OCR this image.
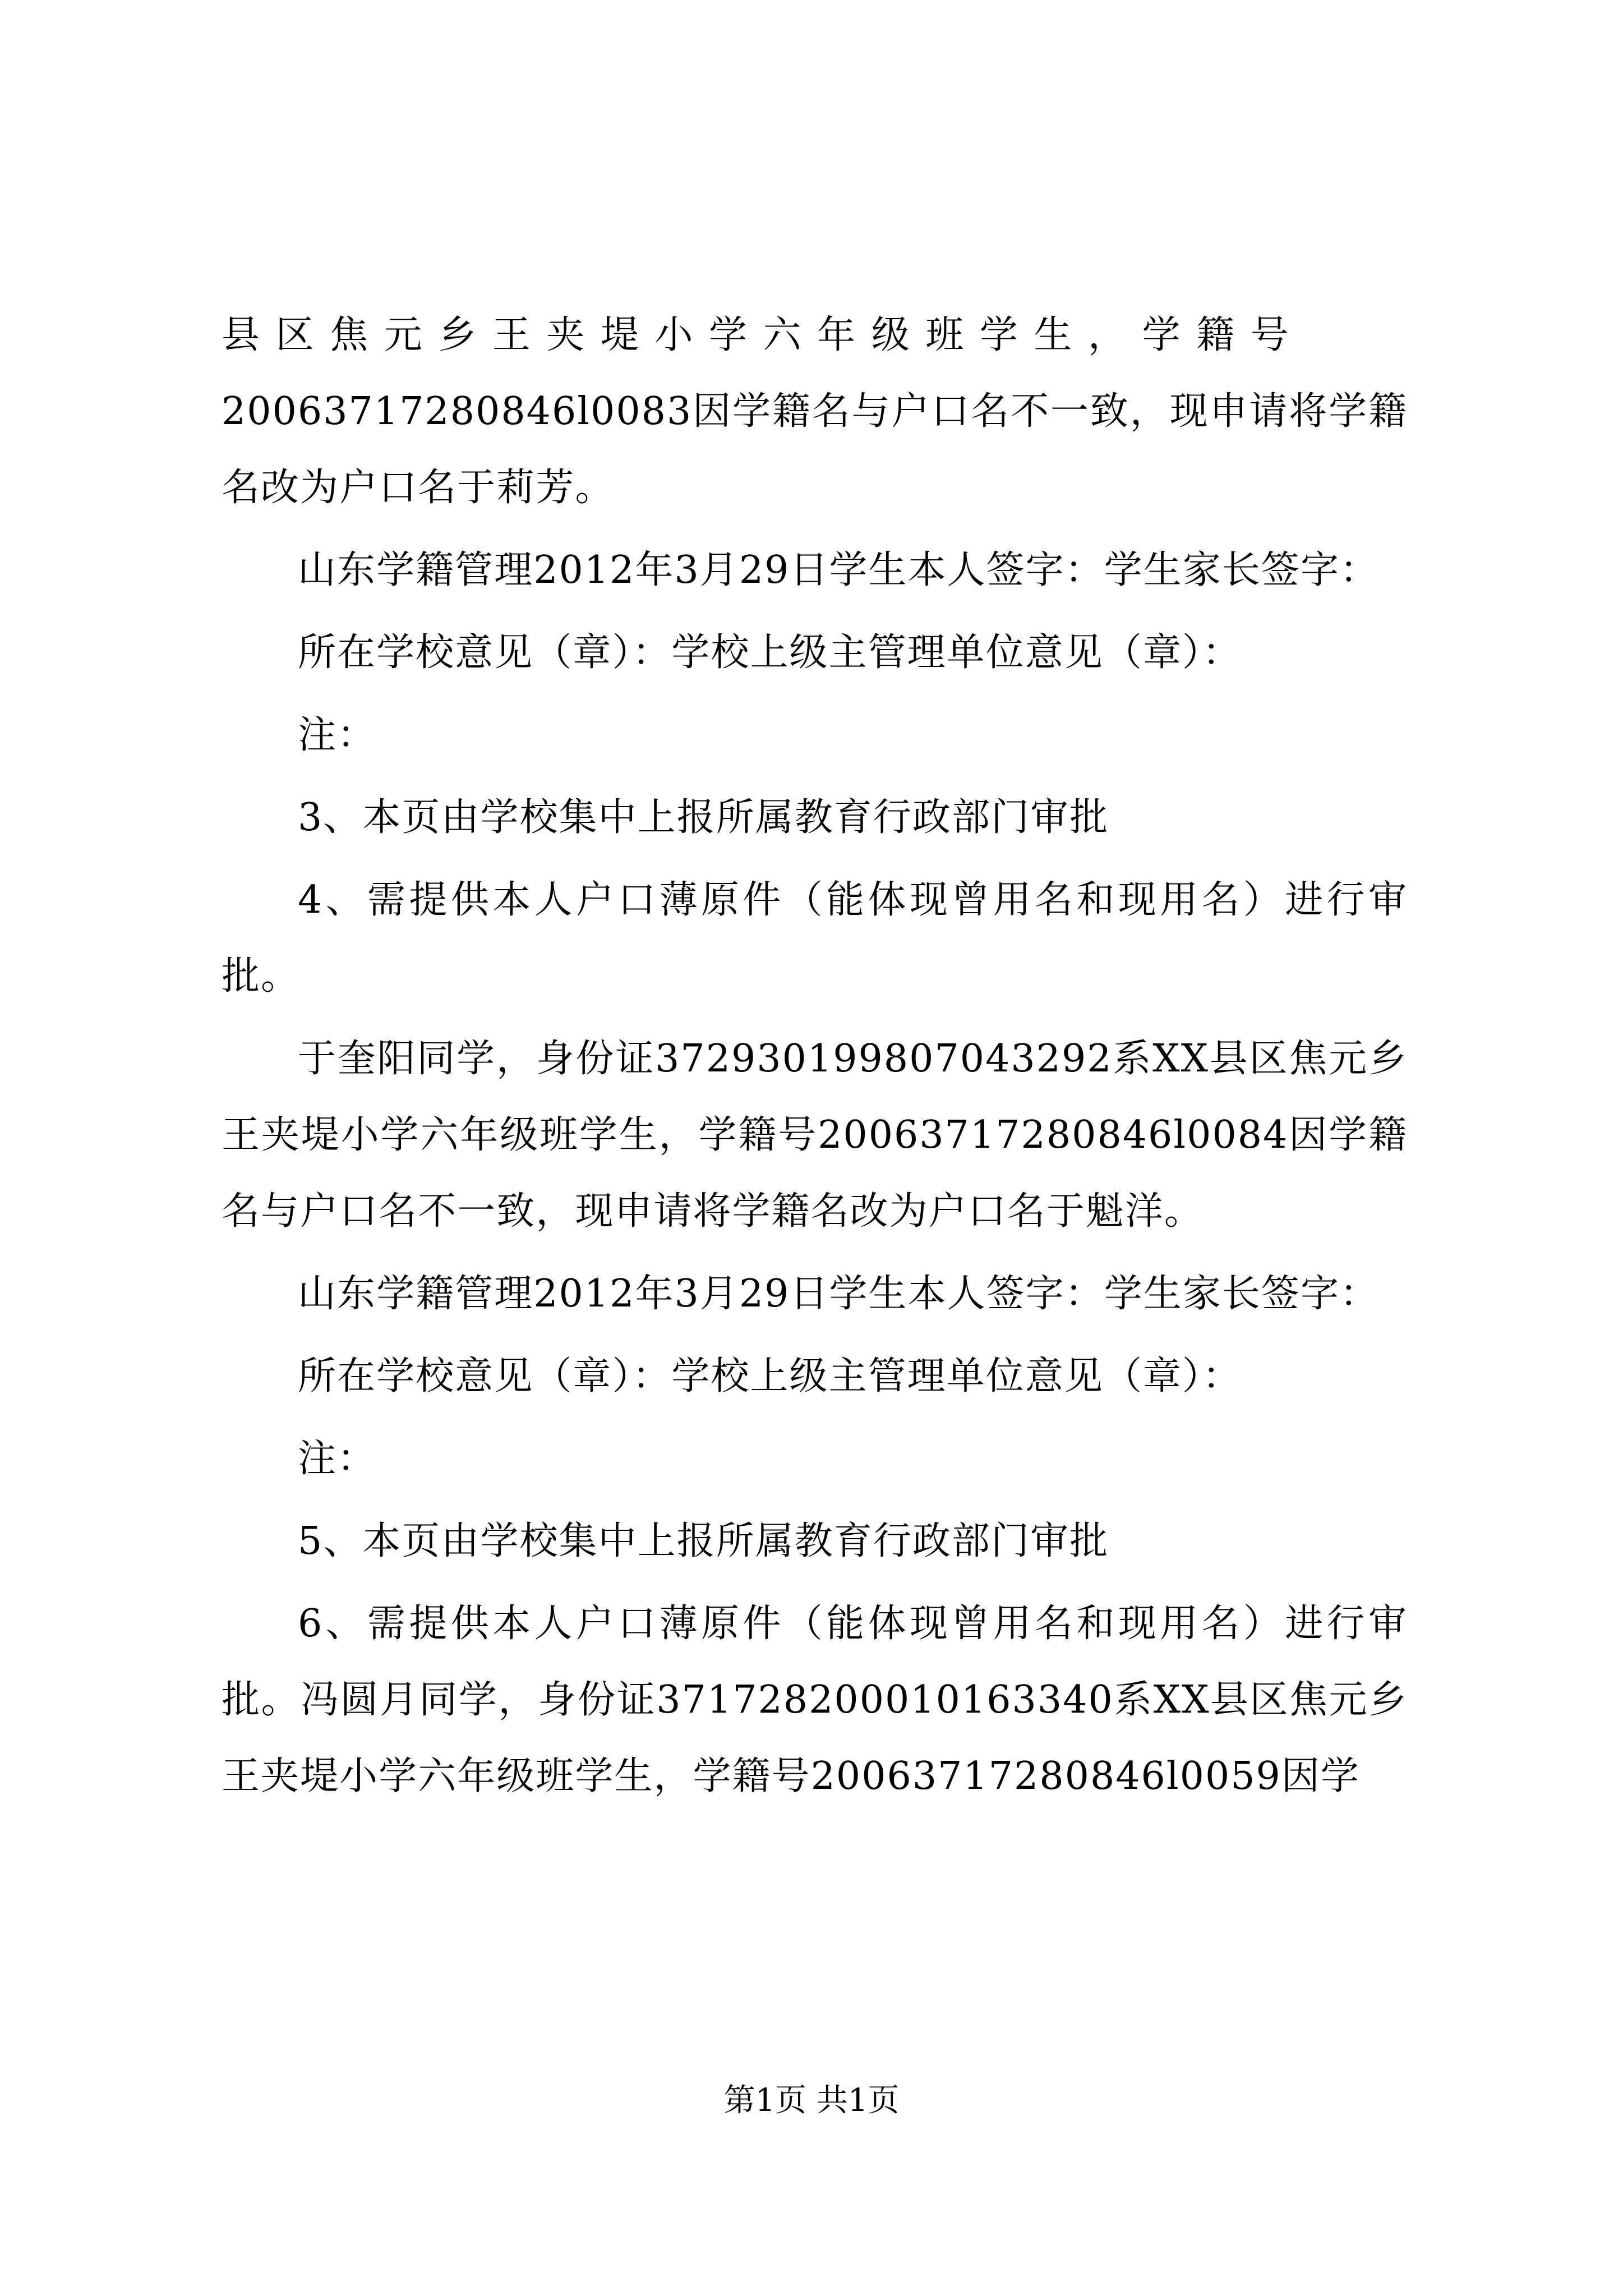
县区焦元乡王夹堤小学六年级班学生，学籍号

20063717280846l0083因学籍名与户口名不一致，现申请将学籍名改为户口名于莉芳。

山东学籍管理2012年3月29日学生本人签字：学生家长签字：

所在学校意见（章）：学校上级主管理单位意见（章）：

注：

3、本页由学校集中上报所属教育行政部门审批

4、需提供本人户口薄原件（能体现曾用名和现用名）进行审批。

于奎阳同学，身份证372930199807043292系XX县区焦元乡王夹堤小学六年级班学生，学籍号20063717280846l0084因学籍名与户口名不一致，现申请将学籍名改为户口名于魁洋。

山东学籍管理2012年3月29日学生本人签字：学生家长签字：

所在学校意见（章）：学校上级主管理单位意见（章）：

注：

5、本页由学校集中上报所属教育行政部门审批

6、需提供本人户口薄原件（能体现曾用名和现用名）进行审批。冯圆月同学，身份证371728200010163340系XX县区焦元乡王夹堤小学六年级班学生，学籍号20063717280846l0059因学

第1页 共1页
